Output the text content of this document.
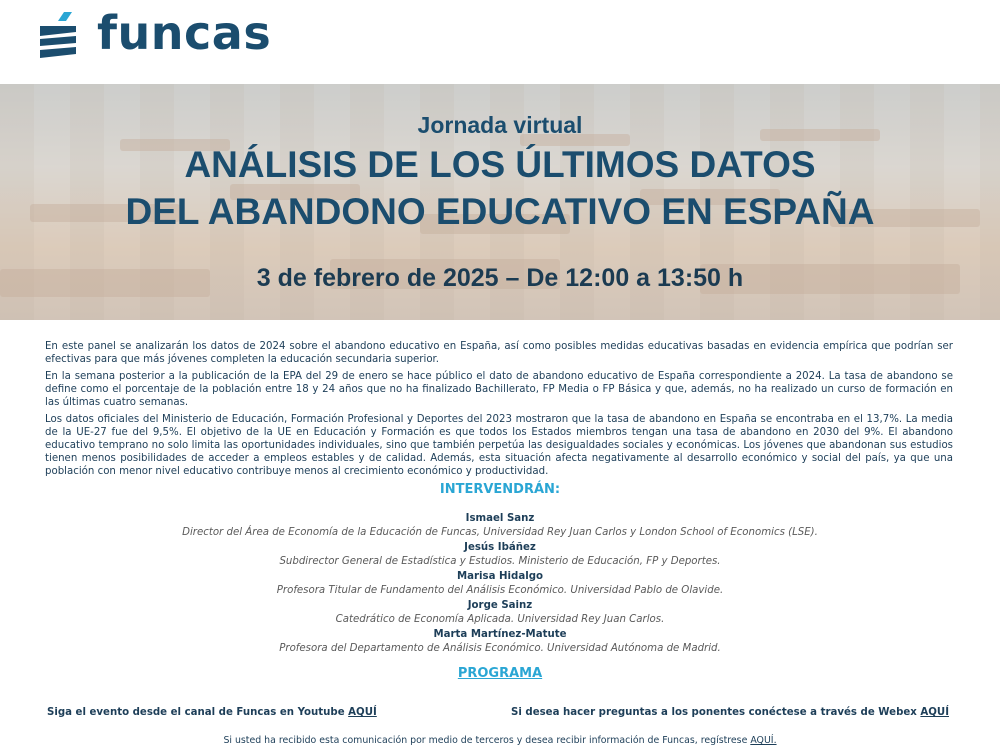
funcas
Jornada virtual
ANÁLISIS DE LOS ÚLTIMOS DATOS
DEL ABANDONO EDUCATIVO EN ESPAÑA
3 de febrero de 2025 – De 12:00 a 13:50 h

En este panel se analizarán los datos de 2024 sobre el abandono educativo en España, así como posibles medidas educativas basadas en evidencia empírica que podrían ser efectivas para que más jóvenes completen la educación secundaria superior.

En la semana posterior a la publicación de la EPA del 29 de enero se hace público el dato de abandono educativo de España correspondiente a 2024. La tasa de abandono se define como el porcentaje de la población entre 18 y 24 años que no ha finalizado Bachillerato, FP Media o FP Básica y que, además, no ha realizado un curso de formación en las últimas cuatro semanas.

Los datos oficiales del Ministerio de Educación, Formación Profesional y Deportes del 2023 mostraron que la tasa de abandono en España se encontraba en el 13,7%. La media de la UE-27 fue del 9,5%. El objetivo de la UE en Educación y Formación es que todos los Estados miembros tengan una tasa de abandono en 2030 del 9%. El abandono educativo temprano no solo limita las oportunidades individuales, sino que también perpetúa las desigualdades sociales y económicas. Los jóvenes que abandonan sus estudios tienen menos posibilidades de acceder a empleos estables y de calidad. Además, esta situación afecta negativamente al desarrollo económico y social del país, ya que una población con menor nivel educativo contribuye menos al crecimiento económico y productividad.

INTERVENDRÁN:
Ismael Sanz
Director del Área de Economía de la Educación de Funcas, Universidad Rey Juan Carlos y London School of Economics (LSE).
Jesús Ibáñez
Subdirector General de Estadística y Estudios. Ministerio de Educación, FP y Deportes.
Marisa Hidalgo
Profesora Titular de Fundamento del Análisis Económico. Universidad Pablo de Olavide.
Jorge Sainz
Catedrático de Economía Aplicada. Universidad Rey Juan Carlos.
Marta Martínez-Matute
Profesora del Departamento de Análisis Económico. Universidad Autónoma de Madrid.
PROGRAMA
Siga el evento desde el canal de Funcas en Youtube AQUÍ	Si desea hacer preguntas a los ponentes conéctese a través de Webex AQUÍ
Si usted ha recibido esta comunicación por medio de terceros y desea recibir información de Funcas, regístrese AQUÍ.
